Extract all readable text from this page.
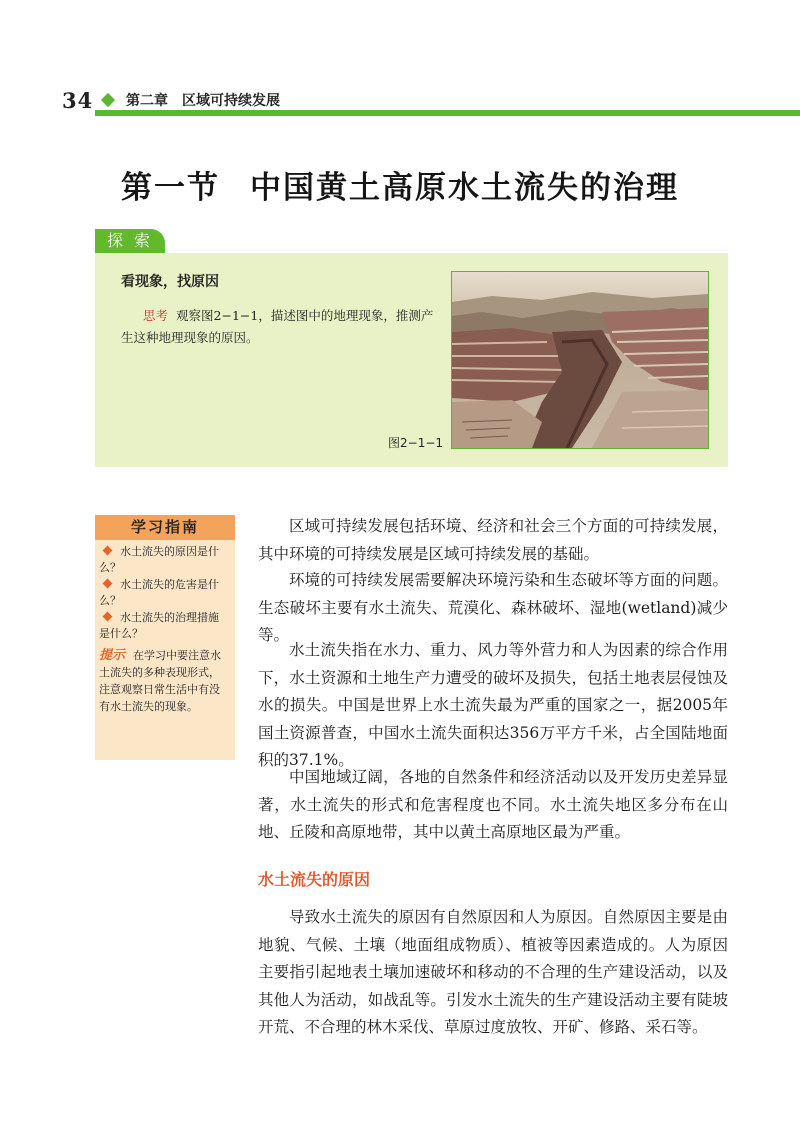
34 第二章 区域可持续发展
第一节 中国黄土高原水土流失的治理
探 索
看现象，找原因
思考 观察图2−1−1，描述图中的地理现象，推测产生这种地理现象的原因。
图2−1−1
学习指南
水土流失的原因是什么？
水土流失的危害是什么？
水土流失的治理措施是什么？
提示 在学习中要注意水土流失的多种表现形式，注意观察日常生活中有没有水土流失的现象。

区域可持续发展包括环境、经济和社会三个方面的可持续发展，其中环境的可持续发展是区域可持续发展的基础。

环境的可持续发展需要解决环境污染和生态破坏等方面的问题。生态破坏主要有水土流失、荒漠化、森林破坏、湿地(wetland)减少等。

水土流失指在水力、重力、风力等外营力和人为因素的综合作用下，水土资源和土地生产力遭受的破坏及损失，包括土地表层侵蚀及水的损失。中国是世界上水土流失最为严重的国家之一，据2005年国土资源普查，中国水土流失面积达356万平方千米，占全国陆地面积的37.1%。

中国地域辽阔，各地的自然条件和经济活动以及开发历史差异显著，水土流失的形式和危害程度也不同。水土流失地区多分布在山地、丘陵和高原地带，其中以黄土高原地区最为严重。

水土流失的原因

导致水土流失的原因有自然原因和人为原因。自然原因主要是由地貌、气候、土壤（地面组成物质）、植被等因素造成的。人为原因主要指引起地表土壤加速破坏和移动的不合理的生产建设活动，以及其他人为活动，如战乱等。引发水土流失的生产建设活动主要有陡坡开荒、不合理的林木采伐、草原过度放牧、开矿、修路、采石等。
